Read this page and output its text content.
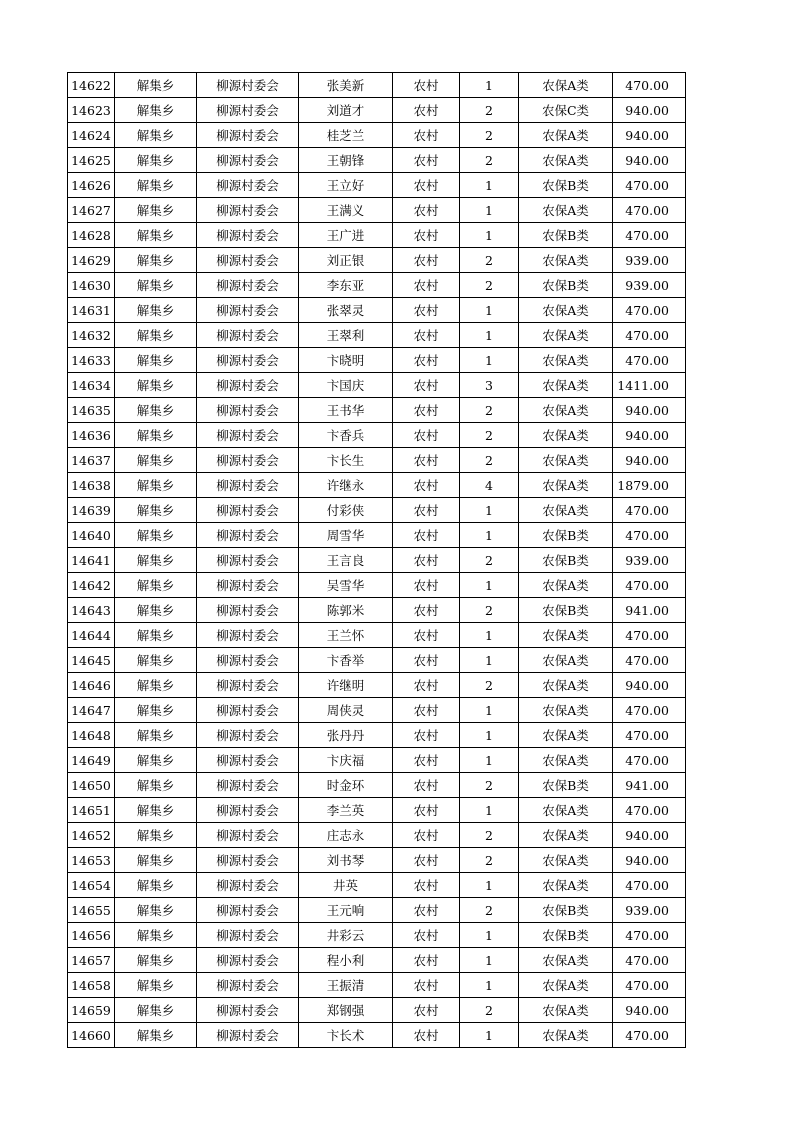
14622	解集乡	柳源村委会	张美新	农村	1	农保A类	470.00
14623	解集乡	柳源村委会	刘道才	农村	2	农保C类	940.00
14624	解集乡	柳源村委会	桂芝兰	农村	2	农保A类	940.00
14625	解集乡	柳源村委会	王朝锋	农村	2	农保A类	940.00
14626	解集乡	柳源村委会	王立好	农村	1	农保B类	470.00
14627	解集乡	柳源村委会	王满义	农村	1	农保A类	470.00
14628	解集乡	柳源村委会	王广进	农村	1	农保B类	470.00
14629	解集乡	柳源村委会	刘正银	农村	2	农保A类	939.00
14630	解集乡	柳源村委会	李东亚	农村	2	农保B类	939.00
14631	解集乡	柳源村委会	张翠灵	农村	1	农保A类	470.00
14632	解集乡	柳源村委会	王翠利	农村	1	农保A类	470.00
14633	解集乡	柳源村委会	卞晓明	农村	1	农保A类	470.00
14634	解集乡	柳源村委会	卞国庆	农村	3	农保A类	1411.00
14635	解集乡	柳源村委会	王书华	农村	2	农保A类	940.00
14636	解集乡	柳源村委会	卞香兵	农村	2	农保A类	940.00
14637	解集乡	柳源村委会	卞长生	农村	2	农保A类	940.00
14638	解集乡	柳源村委会	许继永	农村	4	农保A类	1879.00
14639	解集乡	柳源村委会	付彩侠	农村	1	农保A类	470.00
14640	解集乡	柳源村委会	周雪华	农村	1	农保B类	470.00
14641	解集乡	柳源村委会	王言良	农村	2	农保B类	939.00
14642	解集乡	柳源村委会	吴雪华	农村	1	农保A类	470.00
14643	解集乡	柳源村委会	陈郭米	农村	2	农保B类	941.00
14644	解集乡	柳源村委会	王兰怀	农村	1	农保A类	470.00
14645	解集乡	柳源村委会	卞香举	农村	1	农保A类	470.00
14646	解集乡	柳源村委会	许继明	农村	2	农保A类	940.00
14647	解集乡	柳源村委会	周侠灵	农村	1	农保A类	470.00
14648	解集乡	柳源村委会	张丹丹	农村	1	农保A类	470.00
14649	解集乡	柳源村委会	卞庆福	农村	1	农保A类	470.00
14650	解集乡	柳源村委会	时金环	农村	2	农保B类	941.00
14651	解集乡	柳源村委会	李兰英	农村	1	农保A类	470.00
14652	解集乡	柳源村委会	庄志永	农村	2	农保A类	940.00
14653	解集乡	柳源村委会	刘书琴	农村	2	农保A类	940.00
14654	解集乡	柳源村委会	井英	农村	1	农保A类	470.00
14655	解集乡	柳源村委会	王元响	农村	2	农保B类	939.00
14656	解集乡	柳源村委会	井彩云	农村	1	农保B类	470.00
14657	解集乡	柳源村委会	程小利	农村	1	农保A类	470.00
14658	解集乡	柳源村委会	王振清	农村	1	农保A类	470.00
14659	解集乡	柳源村委会	郑钢强	农村	2	农保A类	940.00
14660	解集乡	柳源村委会	卞长术	农村	1	农保A类	470.00
